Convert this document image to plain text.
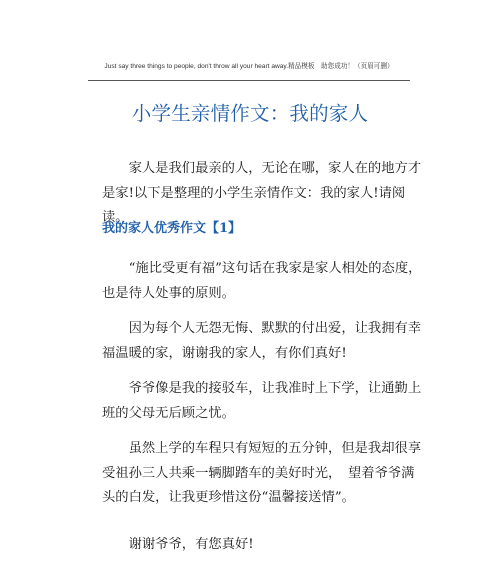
Just say three things to people, don't throw all your heart away.精品模板　助您成功！（页眉可删）
小学生亲情作文：我的家人

家人是我们最亲的人，无论在哪，家人在的地方才是家!以下是整理的小学生亲情作文：我的家人!请阅读。

我的家人优秀作文【1】

“施比受更有福”这句话在我家是家人相处的态度，也是待人处事的原则。

因为每个人无怨无悔、默默的付出爱，让我拥有幸福温暖的家，谢谢我的家人，有你们真好!

爷爷像是我的接驳车，让我准时上下学，让通勤上班的父母无后顾之忧。

虽然上学的车程只有短短的五分钟，但是我却很享受祖孙三人共乘一辆脚踏车的美好时光，　望着爷爷满头的白发，让我更珍惜这份“温馨接送情”。

谢谢爷爷，有您真好!
